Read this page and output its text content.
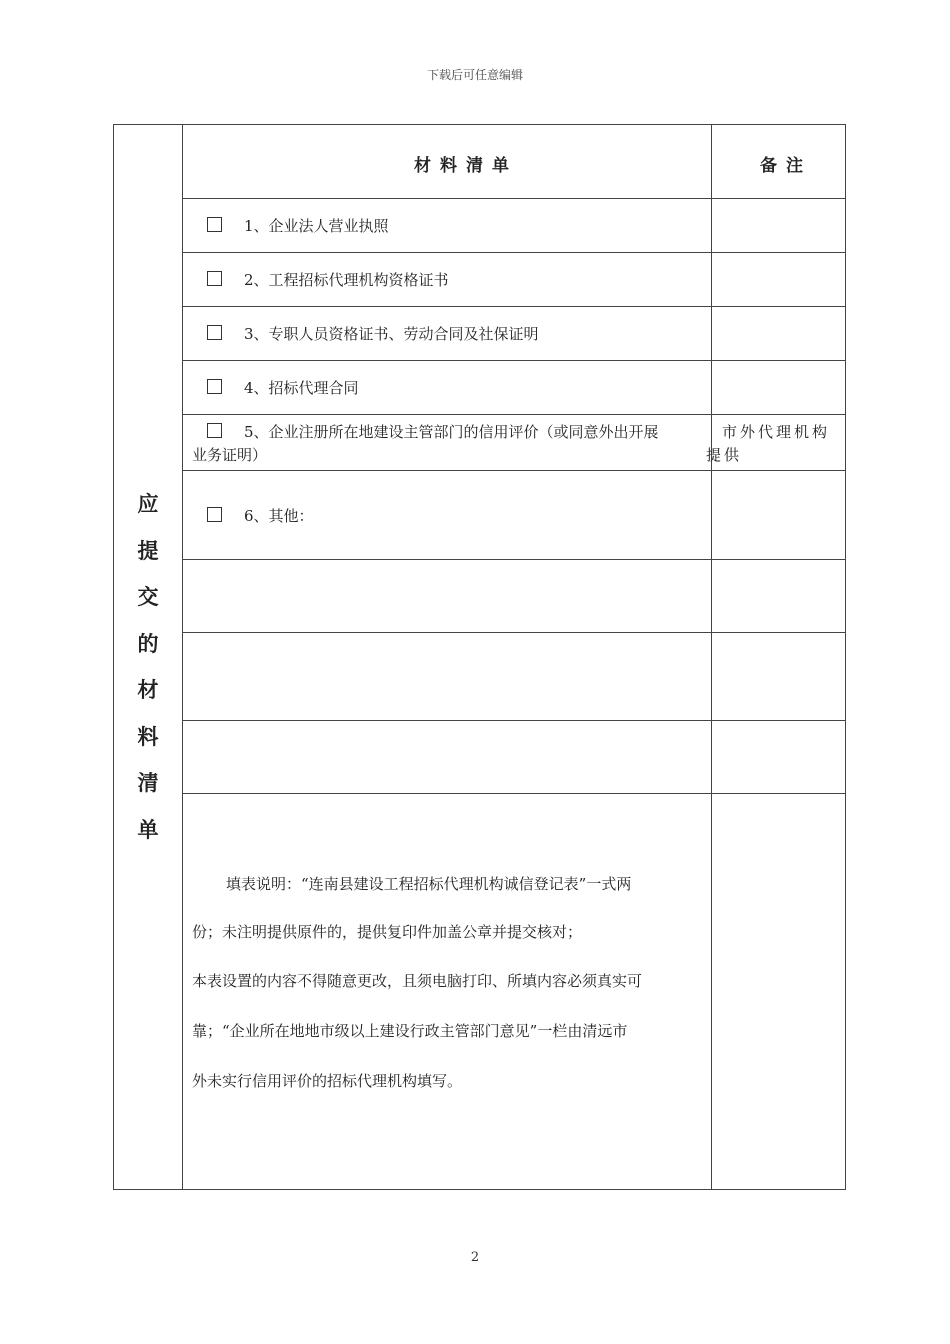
下载后可任意编辑
应
提
交
的
材
料
清
单
材料清单	备注
1、企业法人营业执照
2、工程招标代理机构资格证书
3、专职人员资格证书、劳动合同及社保证明
4、招标代理合同
5、企业注册所在地建设主管部门的信用评价（或同意外出开展
业务证明）
市外代理机构
提供
6、其他：
填表说明：“连南县建设工程招标代理机构诚信登记表”一式两
份；未注明提供原件的，提供复印件加盖公章并提交核对；
本表设置的内容不得随意更改，且须电脑打印、所填内容必须真实可
靠；“企业所在地地市级以上建设行政主管部门意见”一栏由清远市
外未实行信用评价的招标代理机构填写。
2
